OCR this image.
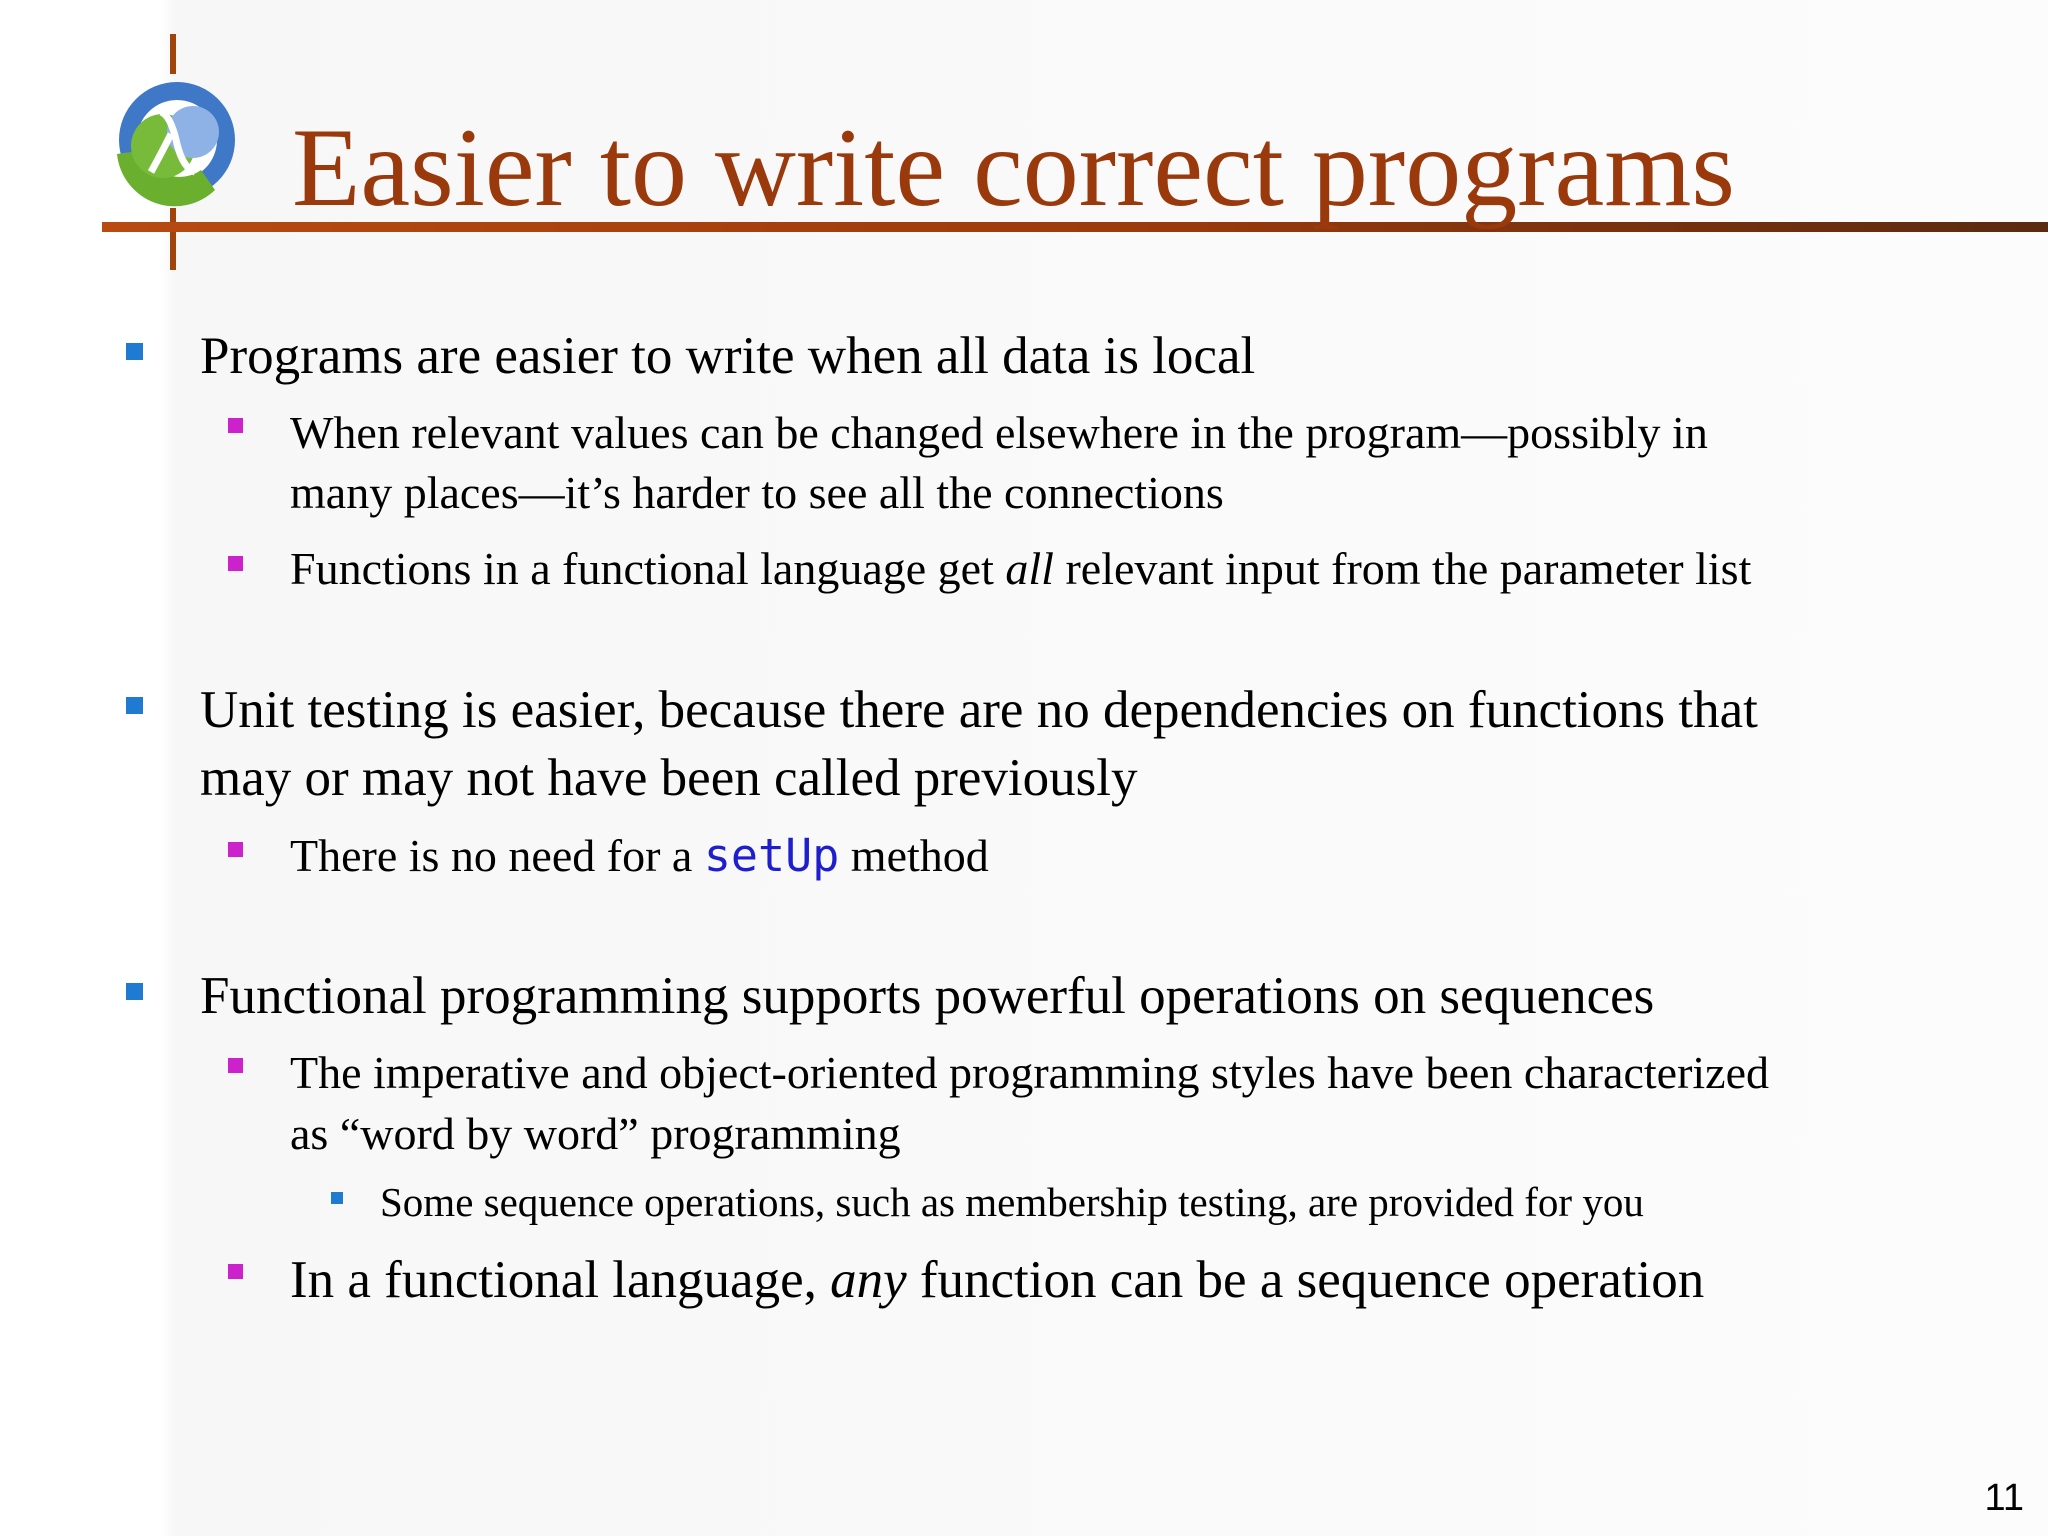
Easier to write correct programs
Programs are easier to write when all data is local
When relevant values can be changed elsewhere in the program—possibly in
many places—it’s harder to see all the connections
Functions in a functional language get all relevant input from the parameter list
Unit testing is easier, because there are no dependencies on functions that
may or may not have been called previously
There is no need for a setUp method
Functional programming supports powerful operations on sequences
The imperative and object-oriented programming styles have been characterized
as “word by word” programming
Some sequence operations, such as membership testing, are provided for you
In a functional language, any function can be a sequence operation
11
